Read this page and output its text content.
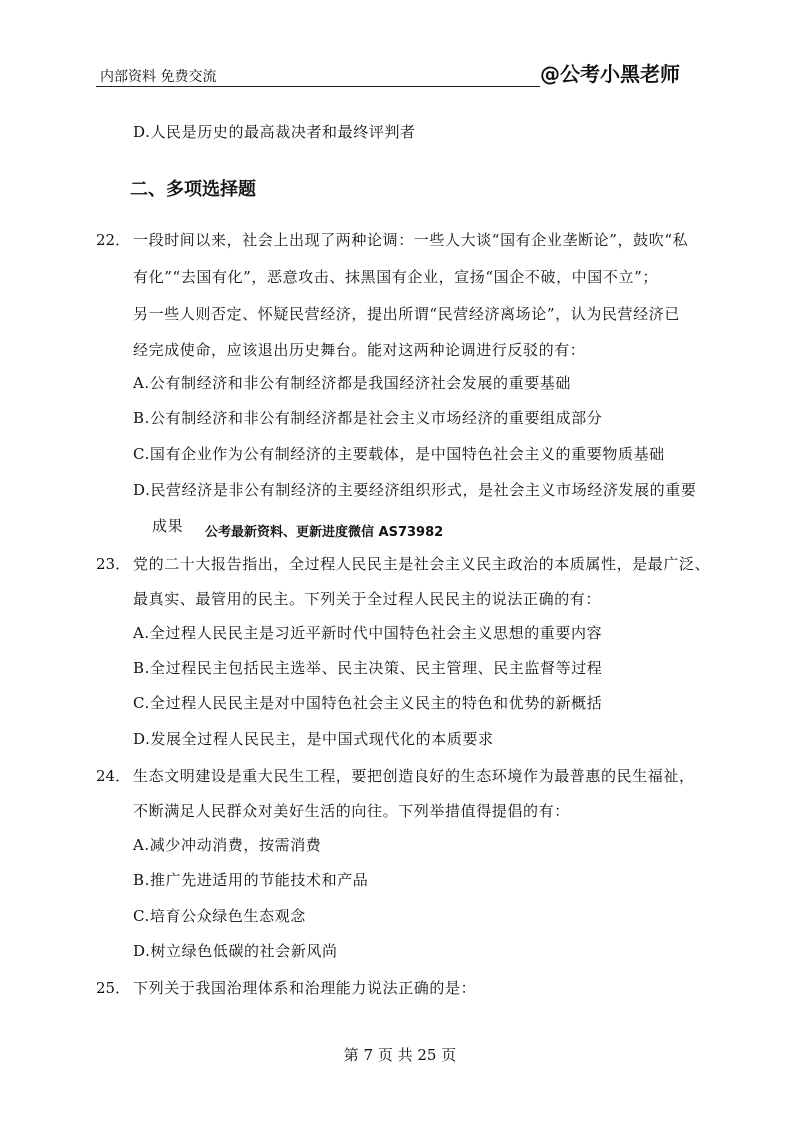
内部资料 免费交流	@公考小黑老师
D.人民是历史的最高裁决者和最终评判者
二、多项选择题
22． 一段时间以来，社会上出现了两种论调：一些人大谈“国有企业垄断论”，鼓吹“私
有化”“去国有化”，恶意攻击、抹黑国有企业，宣扬“国企不破，中国不立”；
另一些人则否定、怀疑民营经济，提出所谓“民营经济离场论”，认为民营经济已
经完成使命，应该退出历史舞台。能对这两种论调进行反驳的有：
A.公有制经济和非公有制经济都是我国经济社会发展的重要基础
B.公有制经济和非公有制经济都是社会主义市场经济的重要组成部分
C.国有企业作为公有制经济的主要载体，是中国特色社会主义的重要物质基础
D.民营经济是非公有制经济的主要经济组织形式，是社会主义市场经济发展的重要
成果 公考最新资料、更新进度微信 AS73982
23． 党的二十大报告指出，全过程人民民主是社会主义民主政治的本质属性，是最广泛、
最真实、最管用的民主。下列关于全过程人民民主的说法正确的有：
A.全过程人民民主是习近平新时代中国特色社会主义思想的重要内容
B.全过程民主包括民主选举、民主决策、民主管理、民主监督等过程
C.全过程人民民主是对中国特色社会主义民主的特色和优势的新概括
D.发展全过程人民民主，是中国式现代化的本质要求
24． 生态文明建设是重大民生工程，要把创造良好的生态环境作为最普惠的民生福祉，
不断满足人民群众对美好生活的向往。下列举措值得提倡的有：
A.减少冲动消费，按需消费
B.推广先进适用的节能技术和产品
C.培育公众绿色生态观念
D.树立绿色低碳的社会新风尚
25． 下列关于我国治理体系和治理能力说法正确的是：
第 7 页 共 25 页
